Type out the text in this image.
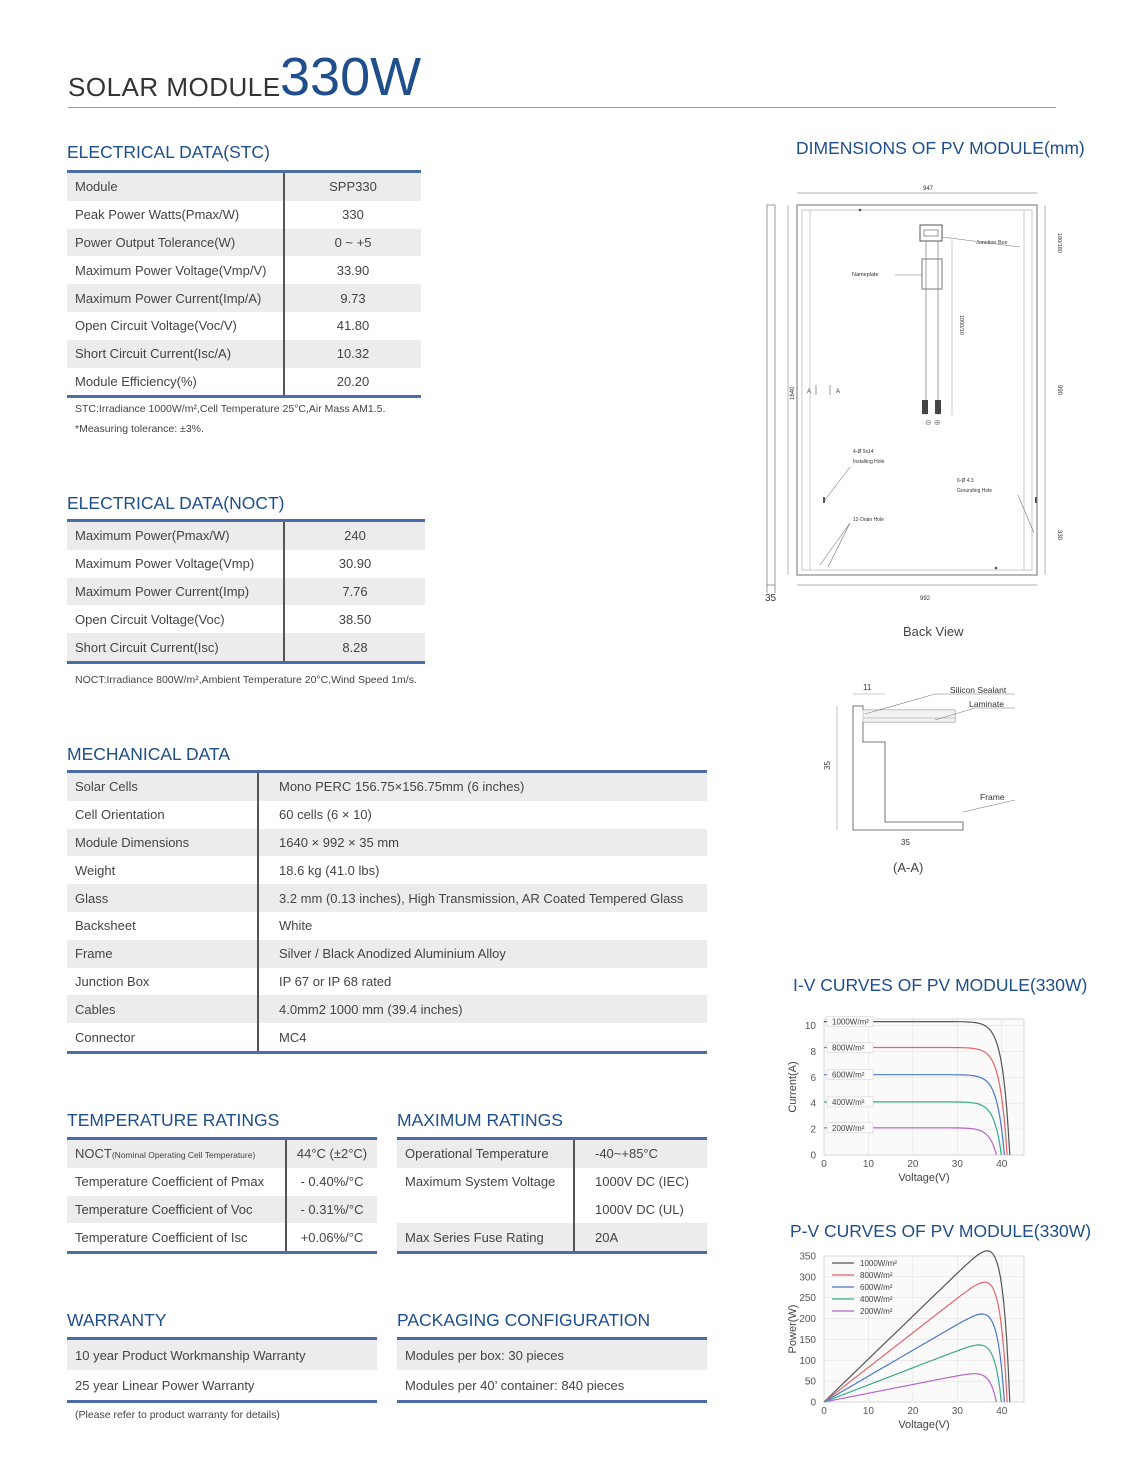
SOLAR MODULE 330W
ELECTRICAL DATA(STC)
Module	SPP330
Peak Power Watts(Pmax/W)	330
Power Output Tolerance(W)	0 ~ +5
Maximum Power Voltage(Vmp/V)	33.90
Maximum Power Current(Imp/A)	9.73
Open Circuit Voltage(Voc/V)	41.80
Short Circuit Current(Isc/A)	10.32
Module Efficiency(%)	20.20
STC:Irradiance 1000W/m²,Cell Temperature 25°C,Air Mass AM1.5.
*Measuring tolerance: ±3%.
ELECTRICAL DATA(NOCT)
Maximum Power(Pmax/W)	240
Maximum Power Voltage(Vmp)	30.90
Maximum Power Current(Imp)	7.76
Open Circuit Voltage(Voc)	38.50
Short Circuit Current(Isc)	8.28
NOCT:Irradiance 800W/m²,Ambient Temperature 20°C,Wind Speed 1m/s.
MECHANICAL DATA
Solar Cells	Mono PERC 156.75×156.75mm (6 inches)
Cell Orientation	60 cells (6 × 10)
Module Dimensions	1640 × 992 × 35 mm
Weight	18.6 kg (41.0 lbs)
Glass	3.2 mm (0.13 inches), High Transmission, AR Coated Tempered Glass
Backsheet	White
Frame	Silver / Black Anodized Aluminium Alloy
Junction Box	IP 67 or IP 68 rated
Cables	4.0mm2 1000 mm (39.4 inches)
Connector	MC4
TEMPERATURE RATINGS
NOCT(Nominal Operating Cell Temperature)	44°C (±2°C)
Temperature Coefficient of Pmax	- 0.40%/°C
Temperature Coefficient of Voc	- 0.31%/°C
Temperature Coefficient of Isc	+0.06%/°C
MAXIMUM RATINGS
Operational Temperature	-40~+85°C
Maximum System Voltage	1000V DC (IEC)
	1000V DC (UL)
Max Series Fuse Rating	20A
WARRANTY
10 year Product Workmanship Warranty
25 year Linear Power Warranty
(Please refer to product warranty for details)
PACKAGING CONFIGURATION
Modules per box: 30 pieces
Modules per 40’ container: 840 pieces
DIMENSIONS OF PV MODULE(mm)
35
947
992
1640
180/180
990
330
Junction Box
Nameplate
⊖ ⊕
1000/10
A	A
4-Ø 9x14
Installing Hole
6-Ø 4.3
Grounding Hole
12-Drain Hole
Back View
11
35
35
Silicon Sealant
Laminate
Frame
(A-A)
I-V CURVES OF PV MODULE(330W)
0	10	20	30	40
0
2
4
6
8
10
Voltage(V)
Current(A)
1000W/m²
800W/m²
600W/m²
400W/m²
200W/m²
P-V CURVES OF PV MODULE(330W)
0	10	20	30	40
0
50
100
150
200
250
300
350
Voltage(V)
Power(W)
1000W/m²
800W/m²
600W/m²
400W/m²
200W/m²
